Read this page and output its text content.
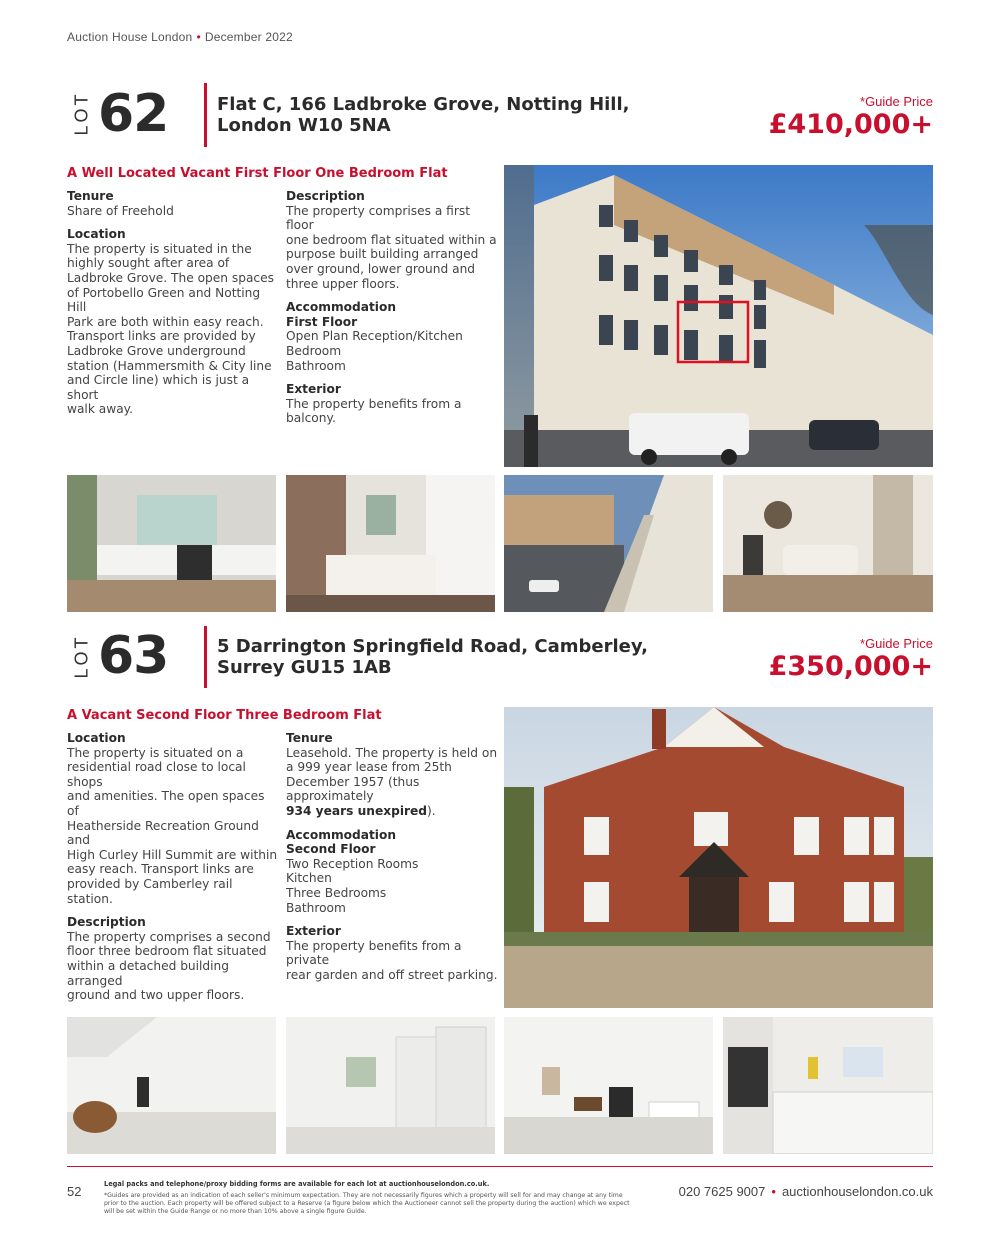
Auction House London • December 2022
LOT 62	Flat C, 166 Ladbroke Grove, Notting Hill,
London W10 5NA
*Guide Price
£410,000+
A Well Located Vacant First Floor One Bedroom Flat
Tenure
Share of Freehold
Location
The property is situated in the
highly sought after area of
Ladbroke Grove. The open spaces
of Portobello Green and Notting Hill
Park are both within easy reach.
Transport links are provided by
Ladbroke Grove underground
station (Hammersmith & City line
and Circle line) which is just a short
walk away.
Description
The property comprises a first floor
one bedroom flat situated within a
purpose built building arranged
over ground, lower ground and
three upper floors.
Accommodation
First Floor
Open Plan Reception/Kitchen
Bedroom
Bathroom
Exterior
The property benefits from a
balcony.
LOT 63	5 Darrington Springfield Road, Camberley,
Surrey GU15 1AB
*Guide Price
£350,000+
A Vacant Second Floor Three Bedroom Flat
Location
The property is situated on a
residential road close to local shops
and amenities. The open spaces of
Heatherside Recreation Ground and
High Curley Hill Summit are within
easy reach. Transport links are
provided by Camberley rail station.
Description
The property comprises a second
floor three bedroom flat situated
within a detached building arranged
ground and two upper floors.
Tenure
Leasehold. The property is held on
a 999 year lease from 25th
December 1957 (thus approximately
934 years unexpired).
Accommodation
Second Floor
Two Reception Rooms
Kitchen
Three Bedrooms
Bathroom
Exterior
The property benefits from a private
rear garden and off street parking.
52	Legal packs and telephone/proxy bidding forms are available for each lot at auctionhouselondon.co.uk.
*Guides are provided as an indication of each seller's minimum expectation. They are not necessarily figures which a property will sell for and may change at any time prior to the auction. Each property will be offered subject to a Reserve (a figure below which the Auctioneer cannot sell the property during the auction) which we expect will be set within the Guide Range or no more than 10% above a single figure Guide.
020 7625 9007 • auctionhouselondon.co.uk
